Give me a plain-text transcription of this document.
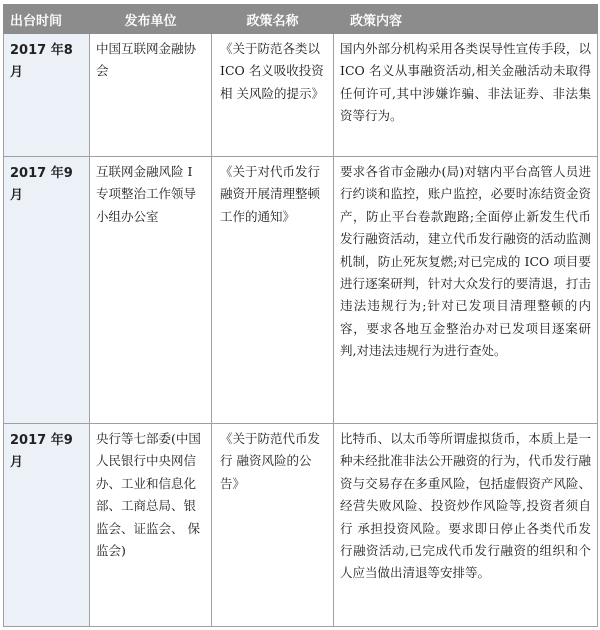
出台时间	发布单位	政策名称	政策内容
2017 年8 月	中国互联网金融协会	《关于防范各类以 ICO 名义吸收投资相 关风险的提示》	国内外部分机构采用各类误导性宣传手段，以 ICO 名义从事融资活动,相关金融活动未取得 任何许可,其中涉嫌诈骗、非法证券、非法集资等行为。
2017 年9 月	互联网金融风险 I 专项整治工作领导小组办公室	《关于对代币发行融资开展清理整顿工作的通知》	要求各省市金融办(局)对辖内平台高管人员进行约谈和监控，账户监控，必要时冻结资金资产，防止平台卷款跑路;全面停止新发生代币发行融资活动，建立代币发行融资的活动监测机制，防止死灰复燃;对已完成的 ICO 项目要进行逐案研判，针对大众发行的要清退，打击违法违规行为;针对已发项目清理整顿的内容，要求各地互金整治办对已发项目逐案研判,对违法违规行为进行查处。
2017 年9 月	央行等七部委(中国人民银行中央网信办、工业和信息化部、工商总局、银 监会、证监会、 保监会)	《关于防范代币发行 融资风险的公告》	比特币、以太币等所谓虚拟货币，本质上是一 种未经批准非法公开融资的行为，代币发行融资与交易存在多重风险，包括虚假资产风险、经营失败风险、投资炒作风险等,投资者须自 行 承担投资风险。要求即日停止各类代币发行融资活动,已完成代币发行融资的组织和个人应当做出清退等安排等。
